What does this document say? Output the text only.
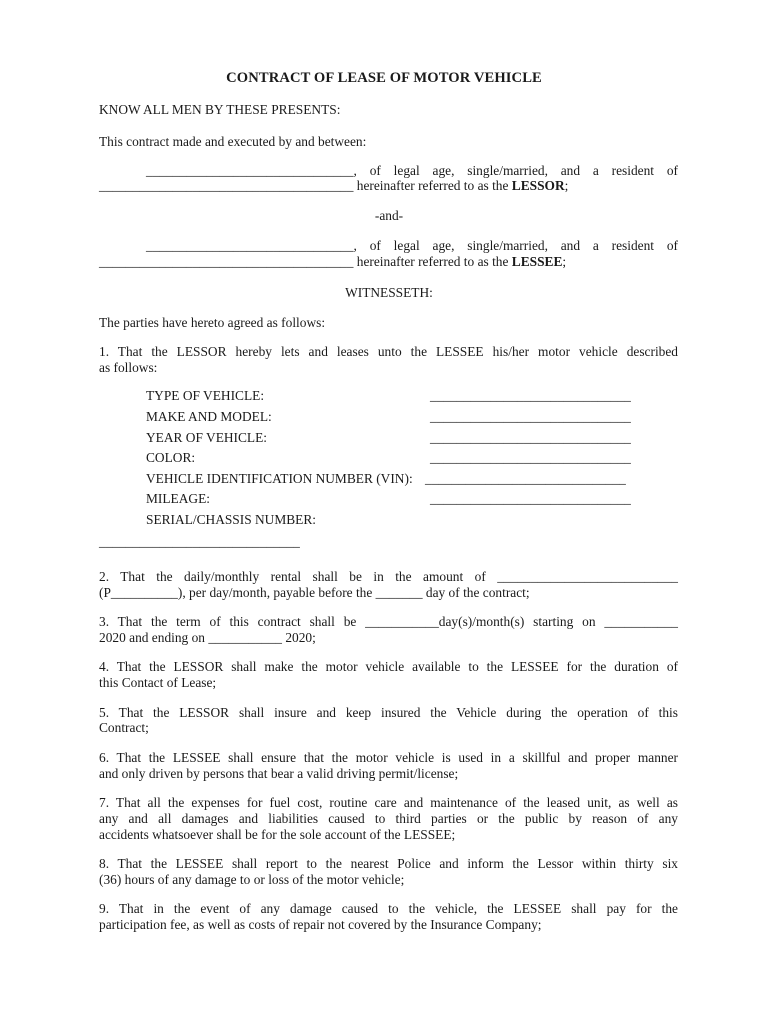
CONTRACT OF LEASE OF MOTOR VEHICLE
KNOW ALL MEN BY THESE PRESENTS:
This contract made and executed by and between:
_______________________________, of legal age, single/married, and a resident of
______________________________________ hereinafter referred to as the LESSOR;
-and-
_______________________________, of legal age, single/married, and a resident of
______________________________________ hereinafter referred to as the LESSEE;
WITNESSETH:
The parties have hereto agreed as follows:
1. That the LESSOR hereby lets and leases unto the LESSEE his/her motor vehicle described
as follows:
TYPE OF VEHICLE:	______________________________
MAKE AND MODEL:	______________________________
YEAR OF VEHICLE:	______________________________
COLOR:	______________________________
VEHICLE IDENTIFICATION NUMBER (VIN): ______________________________
MILEAGE:	______________________________
SERIAL/CHASSIS NUMBER:
______________________________
2. That the daily/monthly rental shall be in the amount of ___________________________
(P__________), per day/month, payable before the _______ day of the contract;
3. That the term of this contract shall be ___________day(s)/month(s) starting on ___________
2020 and ending on ___________ 2020;
4. That the LESSOR shall make the motor vehicle available to the LESSEE for the duration of
this Contact of Lease;
5. That the LESSOR shall insure and keep insured the Vehicle during the operation of this
Contract;
6. That the LESSEE shall ensure that the motor vehicle is used in a skillful and proper manner
and only driven by persons that bear a valid driving permit/license;
7. That all the expenses for fuel cost, routine care and maintenance of the leased unit, as well as
any and all damages and liabilities caused to third parties or the public by reason of any
accidents whatsoever shall be for the sole account of the LESSEE;
8. That the LESSEE shall report to the nearest Police and inform the Lessor within thirty six
(36) hours of any damage to or loss of the motor vehicle;
9. That in the event of any damage caused to the vehicle, the LESSEE shall pay for the
participation fee, as well as costs of repair not covered by the Insurance Company;
